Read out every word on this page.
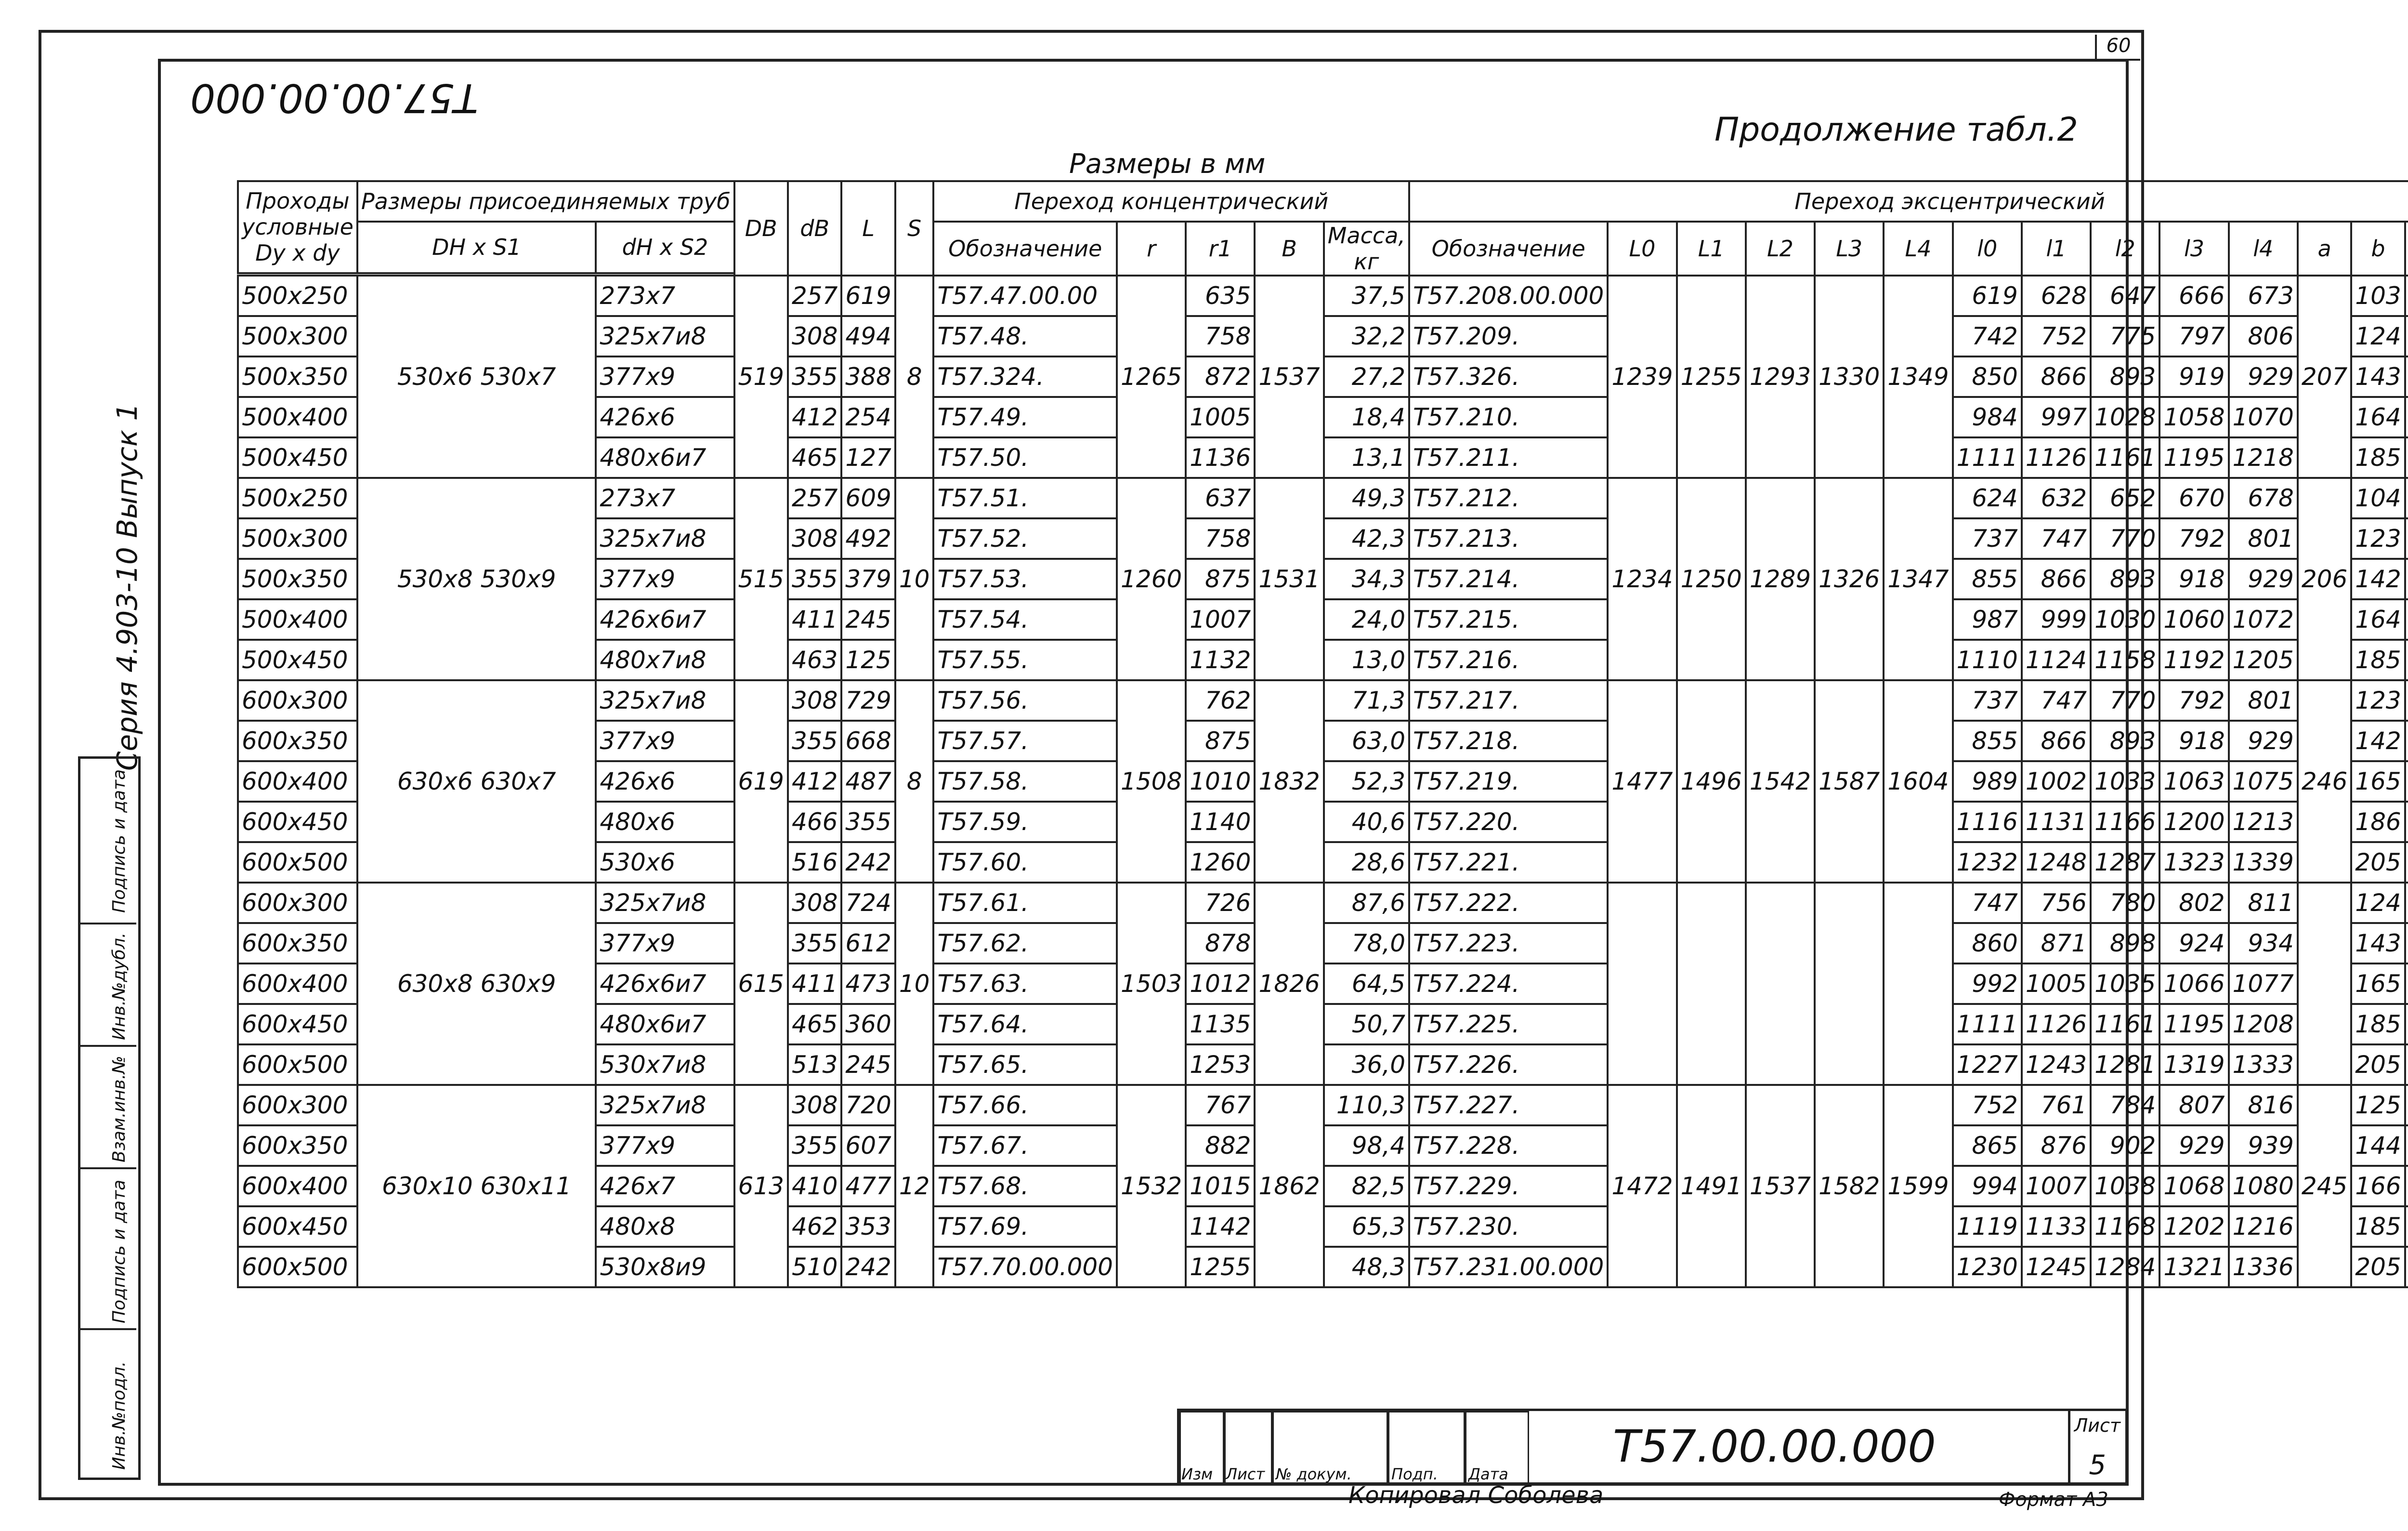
60
T57.00.00.000
Продолжение табл.2
Размеры в мм
Серия 4.903-10 Выпуск 1
Подпись и дата
Инв.№дубл.
Взам.инв.№
Подпись и дата
Инв.№подл.
Проходы условные Dy x dy	Размеры присоединяемых труб		DB	dB	L	S	Переход концентрический					Переход эксцентрический													
	DH x S1	dH x S2					Обозначение	r	r1	B	Масса, кг	Обозначение	L0	L1	L2	L3	L4	l0	l1	l2	l3	l4	a	b	

500x250	530x6 530x7	273x7	519	257	619	8	T57.47.00.00	1265	635	1537	37,5	T57.208.00.000	1239	1255	1293	1330	1349	619	628	647	666	673	207	103	
500x300		325x7и8		308	494		T57.48.		758		32,2	T57.209.						742	752	775	797	806		124	
500x350		377x9		355	388		T57.324.		872		27,2	T57.326.						850	866	893	919	929		143	
500x400		426x6		412	254		T57.49.		1005		18,4	T57.210.						984	997	1028	1058	1070		164	
500x450		480x6и7		465	127		T57.50.		1136		13,1	T57.211.						1111	1126	1161	1195	1218		185	
500x250	530x8 530x9	273x7	515	257	609	10	T57.51.	1260	637	1531	49,3	T57.212.	1234	1250	1289	1326	1347	624	632	652	670	678	206	104	
500x300		325x7и8		308	492		T57.52.		758		42,3	T57.213.						737	747	770	792	801		123	
500x350		377x9		355	379		T57.53.		875		34,3	T57.214.						855	866	893	918	929		142	
500x400		426x6и7		411	245		T57.54.		1007		24,0	T57.215.						987	999	1030	1060	1072		164	
500x450		480x7и8		463	125		T57.55.		1132		13,0	T57.216.						1110	1124	1158	1192	1205		185	
600x300	630x6 630x7	325x7и8	619	308	729	8	T57.56.	1508	762	1832	71,3	T57.217.	1477	1496	1542	1587	1604	737	747	770	792	801	246	123	
600x350		377x9		355	668		T57.57.		875		63,0	T57.218.						855	866	893	918	929		142	
600x400		426x6		412	487		T57.58.		1010		52,3	T57.219.						989	1002	1033	1063	1075		165	
600x450		480x6		466	355		T57.59.		1140		40,6	T57.220.						1116	1131	1166	1200	1213		186	
600x500		530x6		516	242		T57.60.		1260		28,6	T57.221.						1232	1248	1287	1323	1339		205	
600x300	630x8 630x9	325x7и8	615	308	724	10	T57.61.	1503	726	1826	87,6	T57.222.						747	756	780	802	811		124	
600x350		377x9		355	612		T57.62.		878		78,0	T57.223.						860	871	898	924	934		143	
600x400		426x6и7		411	473		T57.63.		1012		64,5	T57.224.						992	1005	1035	1066	1077		165	
600x450		480x6и7		465	360		T57.64.		1135		50,7	T57.225.						1111	1126	1161	1195	1208		185	
600x500		530x7и8		513	245		T57.65.		1253		36,0	T57.226.						1227	1243	1281	1319	1333		205	
600x300	630x10 630x11	325x7и8	613	308	720	12	T57.66.	1532	767	1862	110,3	T57.227.	1472	1491	1537	1582	1599	752	761	784	807	816	245	125	
600x350		377x9		355	607		T57.67.		882		98,4	T57.228.						865	876	902	929	939		144	
600x400		426x7		410	477		T57.68.		1015		82,5	T57.229.						994	1007	1038	1068	1080		166	
600x450		480x8		462	353		T57.69.		1142		65,3	T57.230.						1119	1133	1168	1202	1216		185	
600x500		530x8и9		510	242		T57.70.00.000		1255		48,3	T57.231.00.000						1230	1245	1284	1321	1336		205	
Изм Лист № докум.	Подп. Дата
T57.00.00.000	Лист
5
Копировал Соболева	Формат А3
